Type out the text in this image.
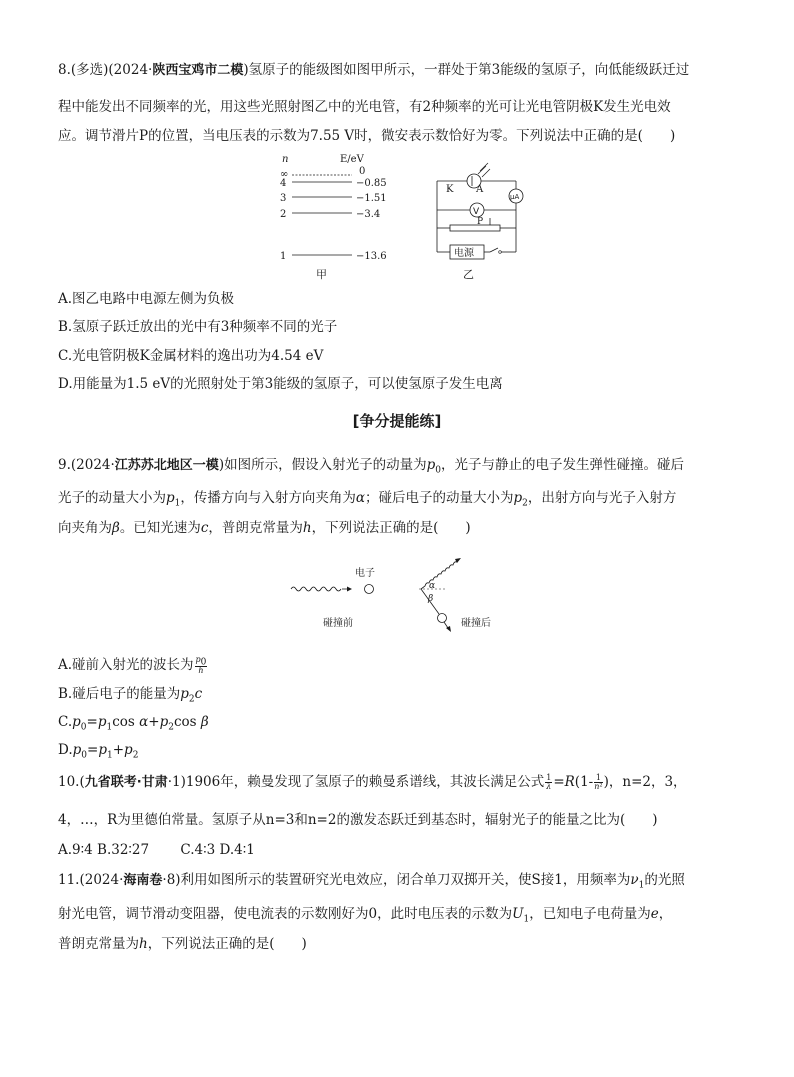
8.(多选)(2024·陕西宝鸡市二模)氢原子的能级图如图甲所示，一群处于第3能级的氢原子，向低能级跃迁过
程中能发出不同频率的光，用这些光照射图乙中的光电管，有2种频率的光可让光电管阴极K发生光电效
应。调节滑片P的位置，当电压表的示数为7.55 V时，微安表示数恰好为零。下列说法中正确的是(　　)
n	E/eV
∞
4
3
2
1
0
−0.85
−1.51
−3.4
−13.6
甲
K A
μA
V
P
电源
乙
A.图乙电路中电源左侧为负极
B.氢原子跃迁放出的光中有3种频率不同的光子
C.光电管阴极K金属材料的逸出功为4.54 eV
D.用能量为1.5 eV的光照射处于第3能级的氢原子，可以使氢原子发生电离
[争分提能练]
9.(2024·江苏苏北地区一模)如图所示，假设入射光子的动量为$p_0$，光子与静止的电子发生弹性碰撞。碰后
光子的动量大小为$p_1$，传播方向与入射方向夹角为α；碰后电子的动量大小为$p_2$，出射方向与光子入射方
向夹角为β。已知光速为c，普朗克常量为h，下列说法正确的是(　　)
电子
碰撞前
α
β
碰撞后
A.碰前入射光的波长为 $\frac{p_0}{h}$
B.碰后电子的能量为$p_2c$
$C.p_0=p_1\cos$ $\alpha+p_2\cos$ β
$D.p_0=p_1+p_2$
10.(九省联考·甘肃·1)1906年，赖曼发现了氢原子的赖曼系谱线，其波长满足公式 $\frac{1}{\lambda} =R(1- \frac{1}{\text{n²}}$ )，n=2，3，
4，…，R为里德伯常量。氢原子从n=3和n=2的激发态跃迁到基态时，辐射光子的能量之比为(　　)
A.9∶4 B.32∶27　　 C.4∶3 D.4∶1
11.(2024·海南卷·8)利用如图所示的装置研究光电效应，闭合单刀双掷开关，使S接1，用频率为$\nu_1$的光照
射光电管，调节滑动变阻器，使电流表的示数刚好为0，此时电压表的示数为$U_1$，已知电子电荷量为e，
普朗克常量为h，下列说法正确的是(　　)
